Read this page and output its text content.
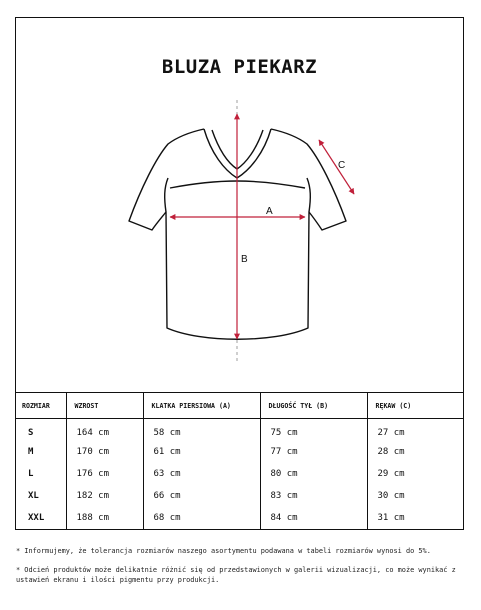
BLUZA PIEKARZ
A
B
C
ROZMIAR	WZROST	KLATKA PIERSIOWA (A)	DŁUGOŚĆ TYŁ (B)	RĘKAW (C)
S	164 cm	58 cm	75 cm	27 cm
M	170 cm	61 cm	77 cm	28 cm
L	176 cm	63 cm	80 cm	29 cm
XL	182 cm	66 cm	83 cm	30 cm
XXL	188 cm	68 cm	84 cm	31 cm

* Informujemy, że tolerancja rozmiarów naszego asortymentu podawana w tabeli rozmiarów wynosi do 5%.

* Odcień produktów może delikatnie różnić się od przedstawionych w galerii wizualizacji, co może wynikać z ustawień ekranu i ilości pigmentu przy produkcji.
